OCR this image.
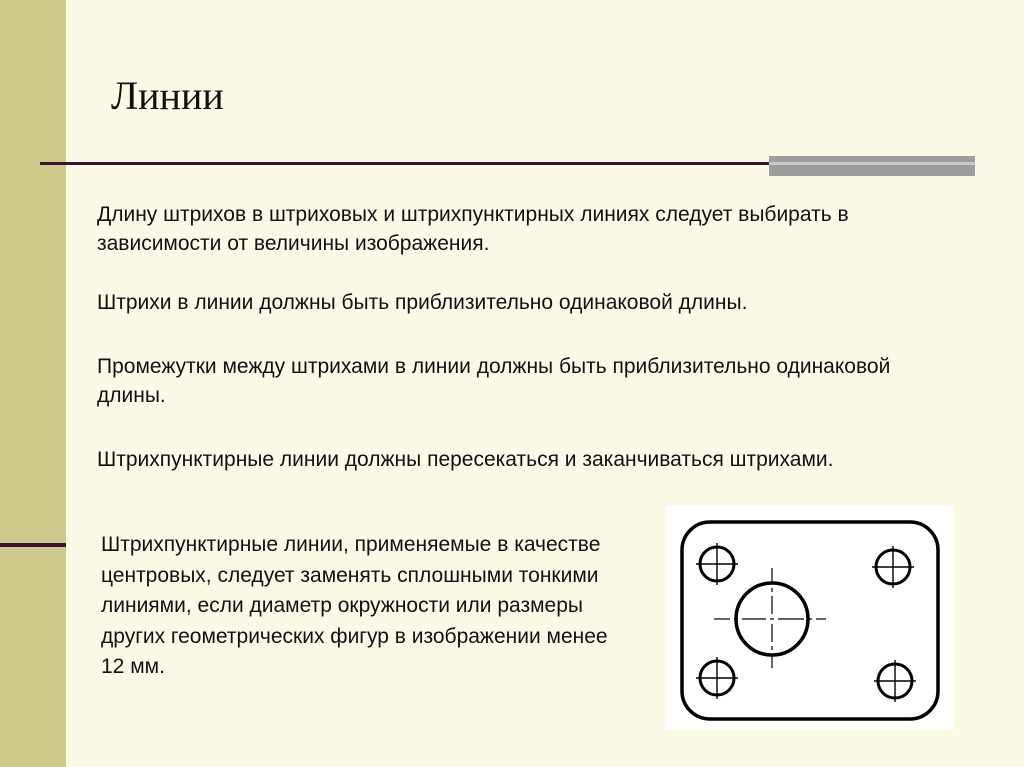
Линии

Длину штрихов в штриховых и штрихпунктирных линиях следует выбирать в зависимости от величины изображения.

Штрихи в линии должны быть приблизительно одинаковой длины.

Промежутки между штрихами в линии должны быть приблизительно одинаковой длины.

Штрихпунктирные линии должны пересекаться и заканчиваться штрихами.

Штрихпунктирные линии, применяемые в качестве центровых, следует заменять сплошными тонкими линиями, если диаметр окружности или размеры других геометрических фигур в изображении менее 12 мм.
